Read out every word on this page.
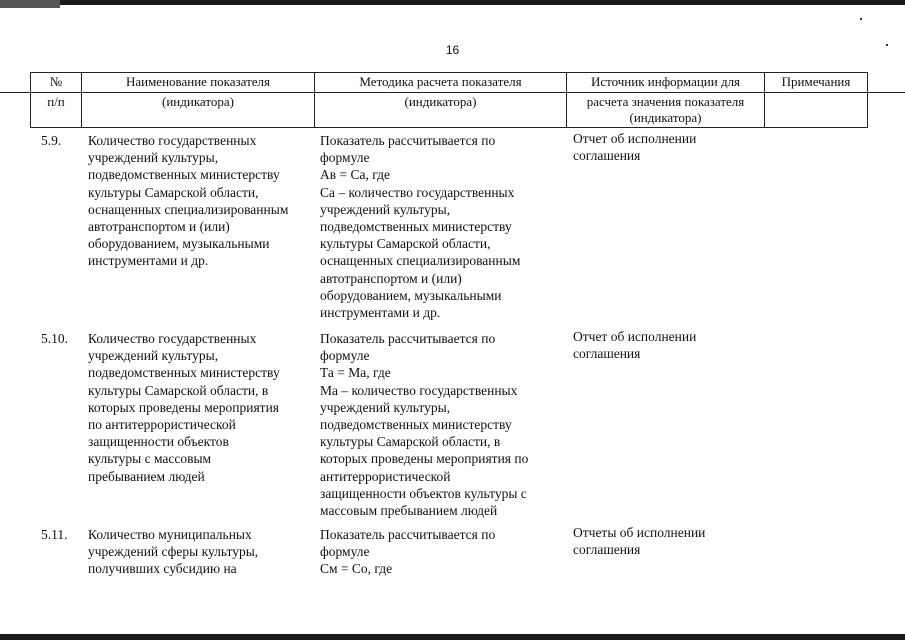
16
№
п/п
Наименование показателя
(индикатора)
Методика расчета показателя
(индикатора)
Источник информации для
расчета значения показателя
(индикатора)
Примечания
5.9. Количество государственных
учреждений культуры,
подведомственных министерству
культуры Самарской области,
оснащенных специализированным
автотранспортом и (или)
оборудованием, музыкальными
инструментами и др.
Показатель рассчитывается по
формуле
Ав = Са, где
Са – количество государственных
учреждений культуры,
подведомственных министерству
культуры Самарской области,
оснащенных специализированным
автотранспортом и (или)
оборудованием, музыкальными
инструментами и др.
Отчет об исполнении
соглашения
5.10. Количество государственных
учреждений культуры,
подведомственных министерству
культуры Самарской области, в
которых проведены мероприятия
по антитеррористической
защищенности объектов
культуры с массовым
пребыванием людей
Показатель рассчитывается по
формуле
Та = Ма, где
Ма – количество государственных
учреждений культуры,
подведомственных министерству
культуры Самарской области, в
которых проведены мероприятия по
антитеррористической
защищенности объектов культуры с
массовым пребыванием людей
Отчет об исполнении
соглашения
5.11. Количество муниципальных
учреждений сферы культуры,
получивших субсидию на
Показатель рассчитывается по
формуле
См = Со, где
Отчеты об исполнении
соглашения
